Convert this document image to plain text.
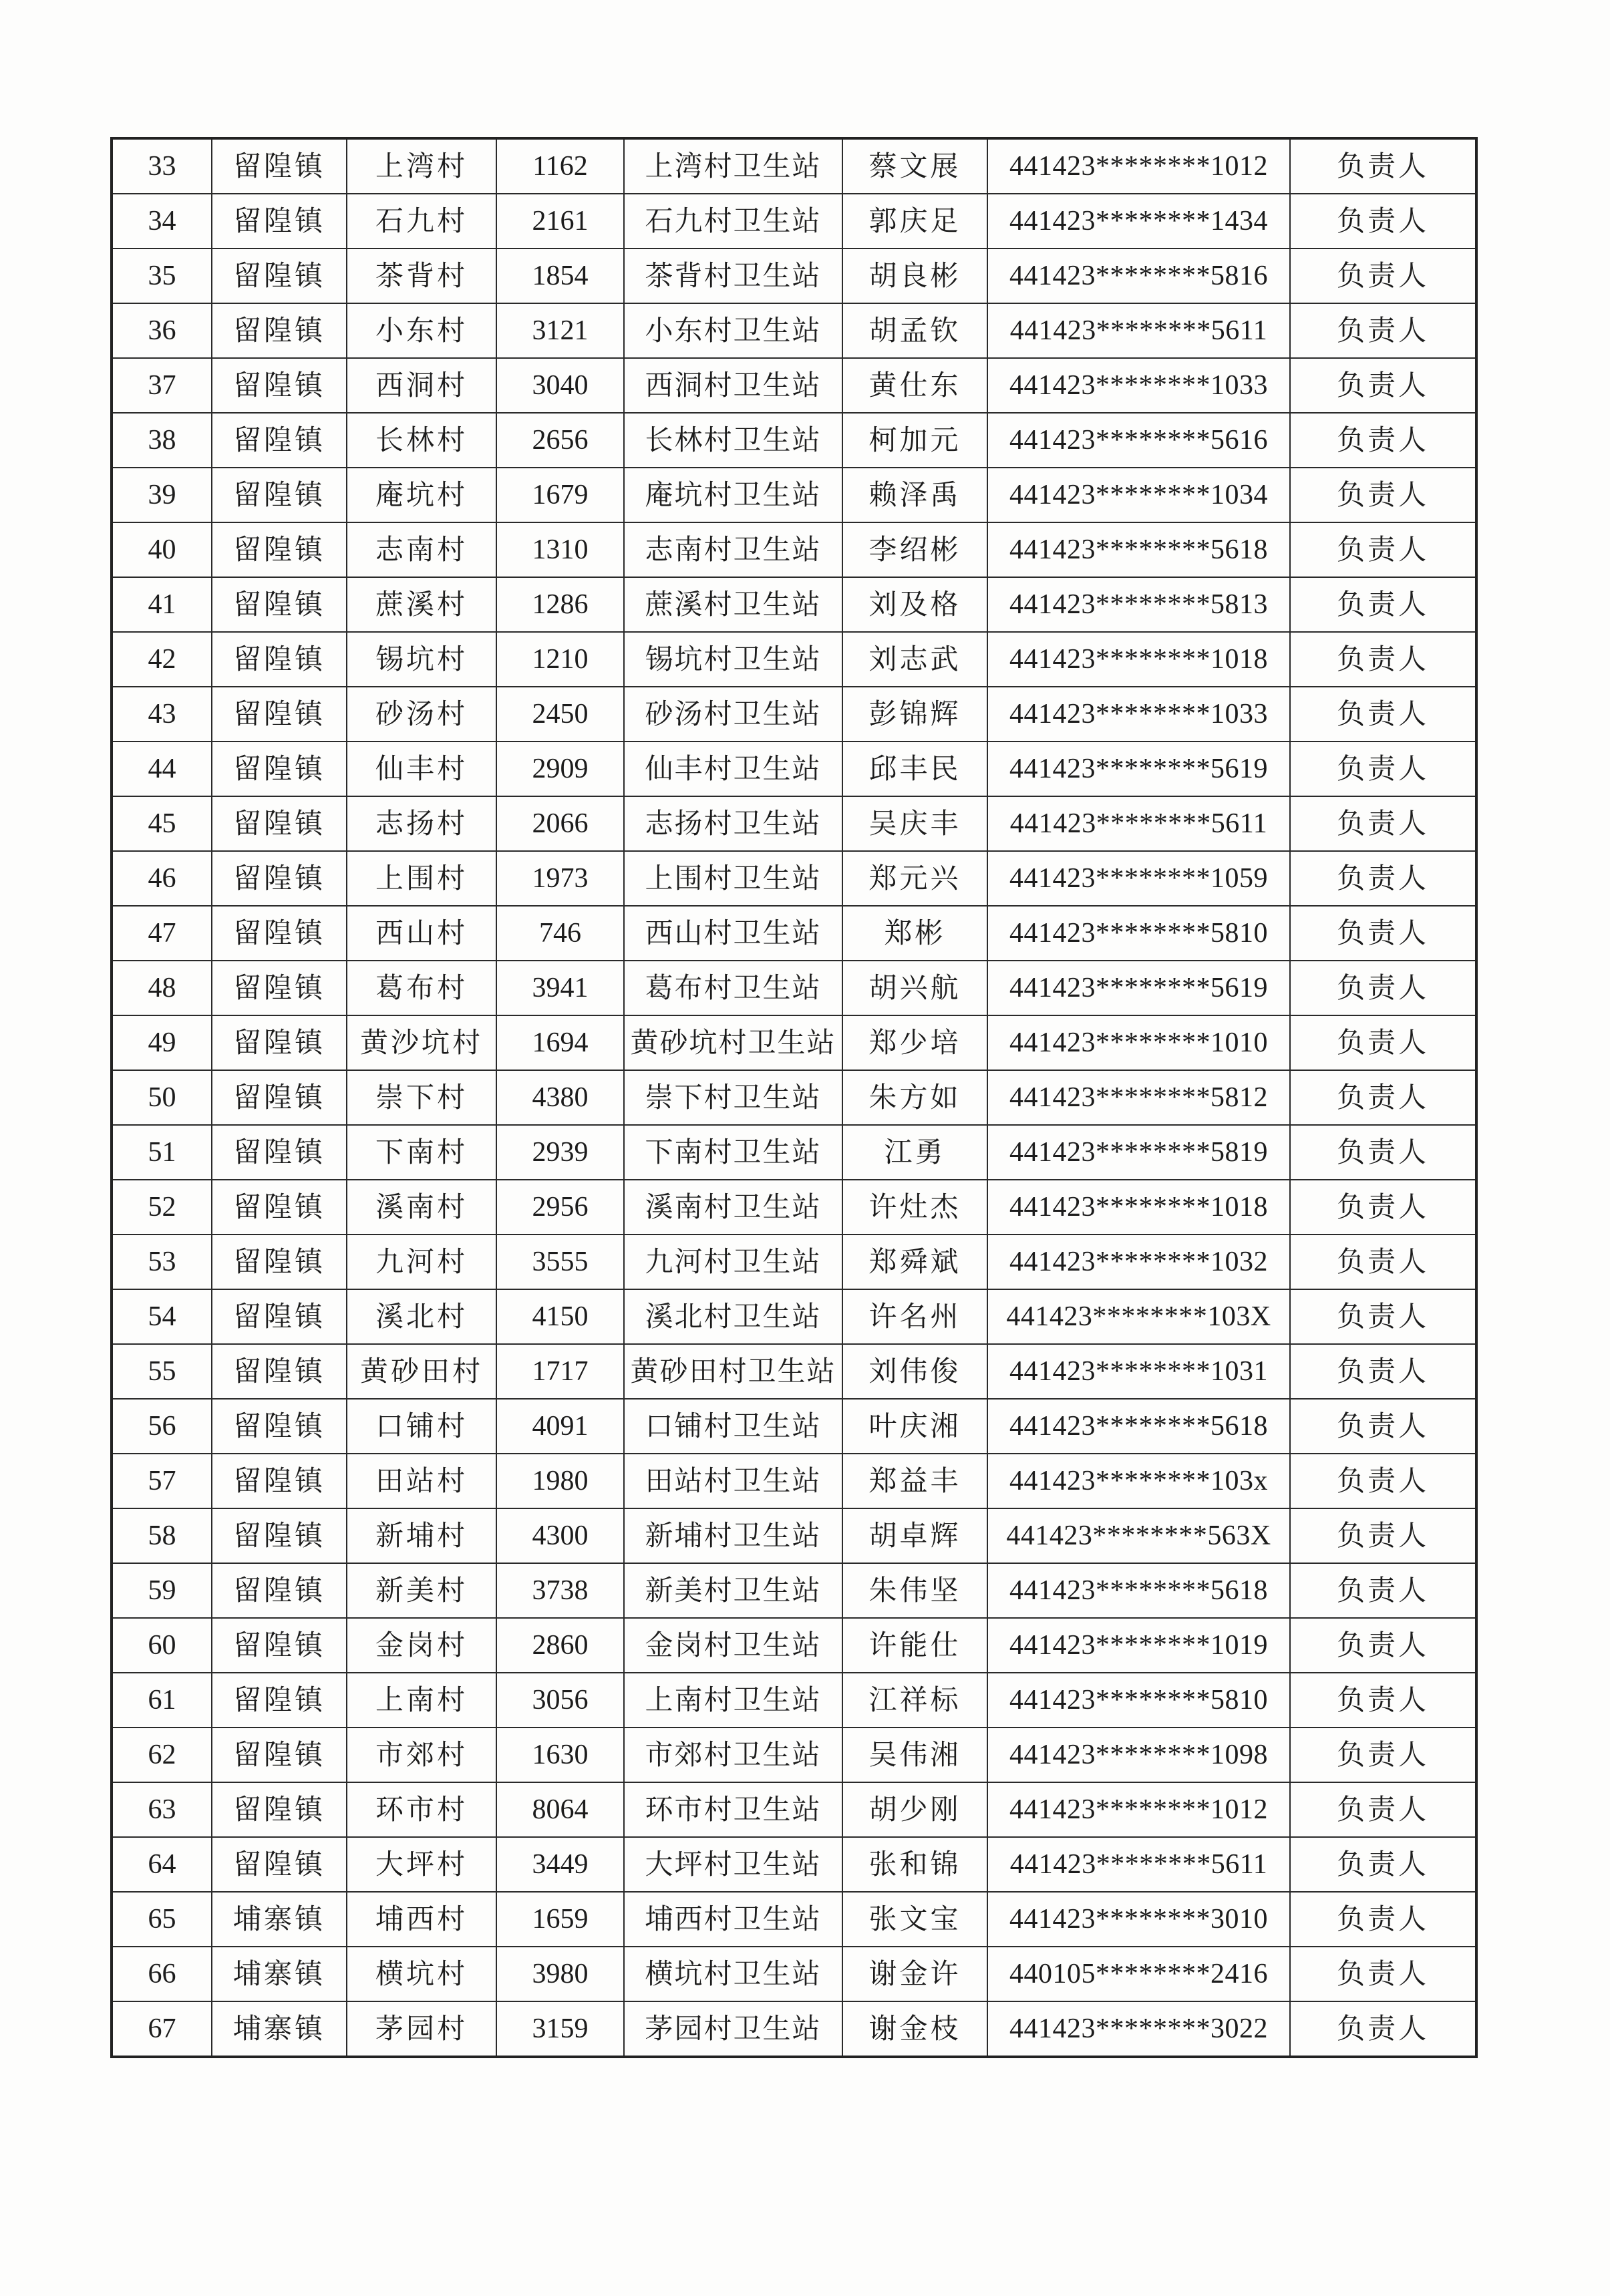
33	留隍镇	上湾村	1162	上湾村卫生站	蔡文展	441423********1012	负责人
34	留隍镇	石九村	2161	石九村卫生站	郭庆足	441423********1434	负责人
35	留隍镇	茶背村	1854	茶背村卫生站	胡良彬	441423********5816	负责人
36	留隍镇	小东村	3121	小东村卫生站	胡孟钦	441423********5611	负责人
37	留隍镇	西洞村	3040	西洞村卫生站	黄仕东	441423********1033	负责人
38	留隍镇	长林村	2656	长林村卫生站	柯加元	441423********5616	负责人
39	留隍镇	庵坑村	1679	庵坑村卫生站	赖泽禹	441423********1034	负责人
40	留隍镇	志南村	1310	志南村卫生站	李绍彬	441423********5618	负责人
41	留隍镇	蔗溪村	1286	蔗溪村卫生站	刘及格	441423********5813	负责人
42	留隍镇	锡坑村	1210	锡坑村卫生站	刘志武	441423********1018	负责人
43	留隍镇	砂汤村	2450	砂汤村卫生站	彭锦辉	441423********1033	负责人
44	留隍镇	仙丰村	2909	仙丰村卫生站	邱丰民	441423********5619	负责人
45	留隍镇	志扬村	2066	志扬村卫生站	吴庆丰	441423********5611	负责人
46	留隍镇	上围村	1973	上围村卫生站	郑元兴	441423********1059	负责人
47	留隍镇	西山村	746	西山村卫生站	郑彬	441423********5810	负责人
48	留隍镇	葛布村	3941	葛布村卫生站	胡兴航	441423********5619	负责人
49	留隍镇	黄沙坑村	1694	黄砂坑村卫生站	郑少培	441423********1010	负责人
50	留隍镇	崇下村	4380	崇下村卫生站	朱方如	441423********5812	负责人
51	留隍镇	下南村	2939	下南村卫生站	江勇	441423********5819	负责人
52	留隍镇	溪南村	2956	溪南村卫生站	许灶杰	441423********1018	负责人
53	留隍镇	九河村	3555	九河村卫生站	郑舜斌	441423********1032	负责人
54	留隍镇	溪北村	4150	溪北村卫生站	许名州	441423********103X	负责人
55	留隍镇	黄砂田村	1717	黄砂田村卫生站	刘伟俊	441423********1031	负责人
56	留隍镇	口铺村	4091	口铺村卫生站	叶庆湘	441423********5618	负责人
57	留隍镇	田站村	1980	田站村卫生站	郑益丰	441423********103x	负责人
58	留隍镇	新埔村	4300	新埔村卫生站	胡卓辉	441423********563X	负责人
59	留隍镇	新美村	3738	新美村卫生站	朱伟坚	441423********5618	负责人
60	留隍镇	金岗村	2860	金岗村卫生站	许能仕	441423********1019	负责人
61	留隍镇	上南村	3056	上南村卫生站	江祥标	441423********5810	负责人
62	留隍镇	市郊村	1630	市郊村卫生站	吴伟湘	441423********1098	负责人
63	留隍镇	环市村	8064	环市村卫生站	胡少刚	441423********1012	负责人
64	留隍镇	大坪村	3449	大坪村卫生站	张和锦	441423********5611	负责人
65	埔寨镇	埔西村	1659	埔西村卫生站	张文宝	441423********3010	负责人
66	埔寨镇	横坑村	3980	横坑村卫生站	谢金许	440105********2416	负责人
67	埔寨镇	茅园村	3159	茅园村卫生站	谢金枝	441423********3022	负责人
